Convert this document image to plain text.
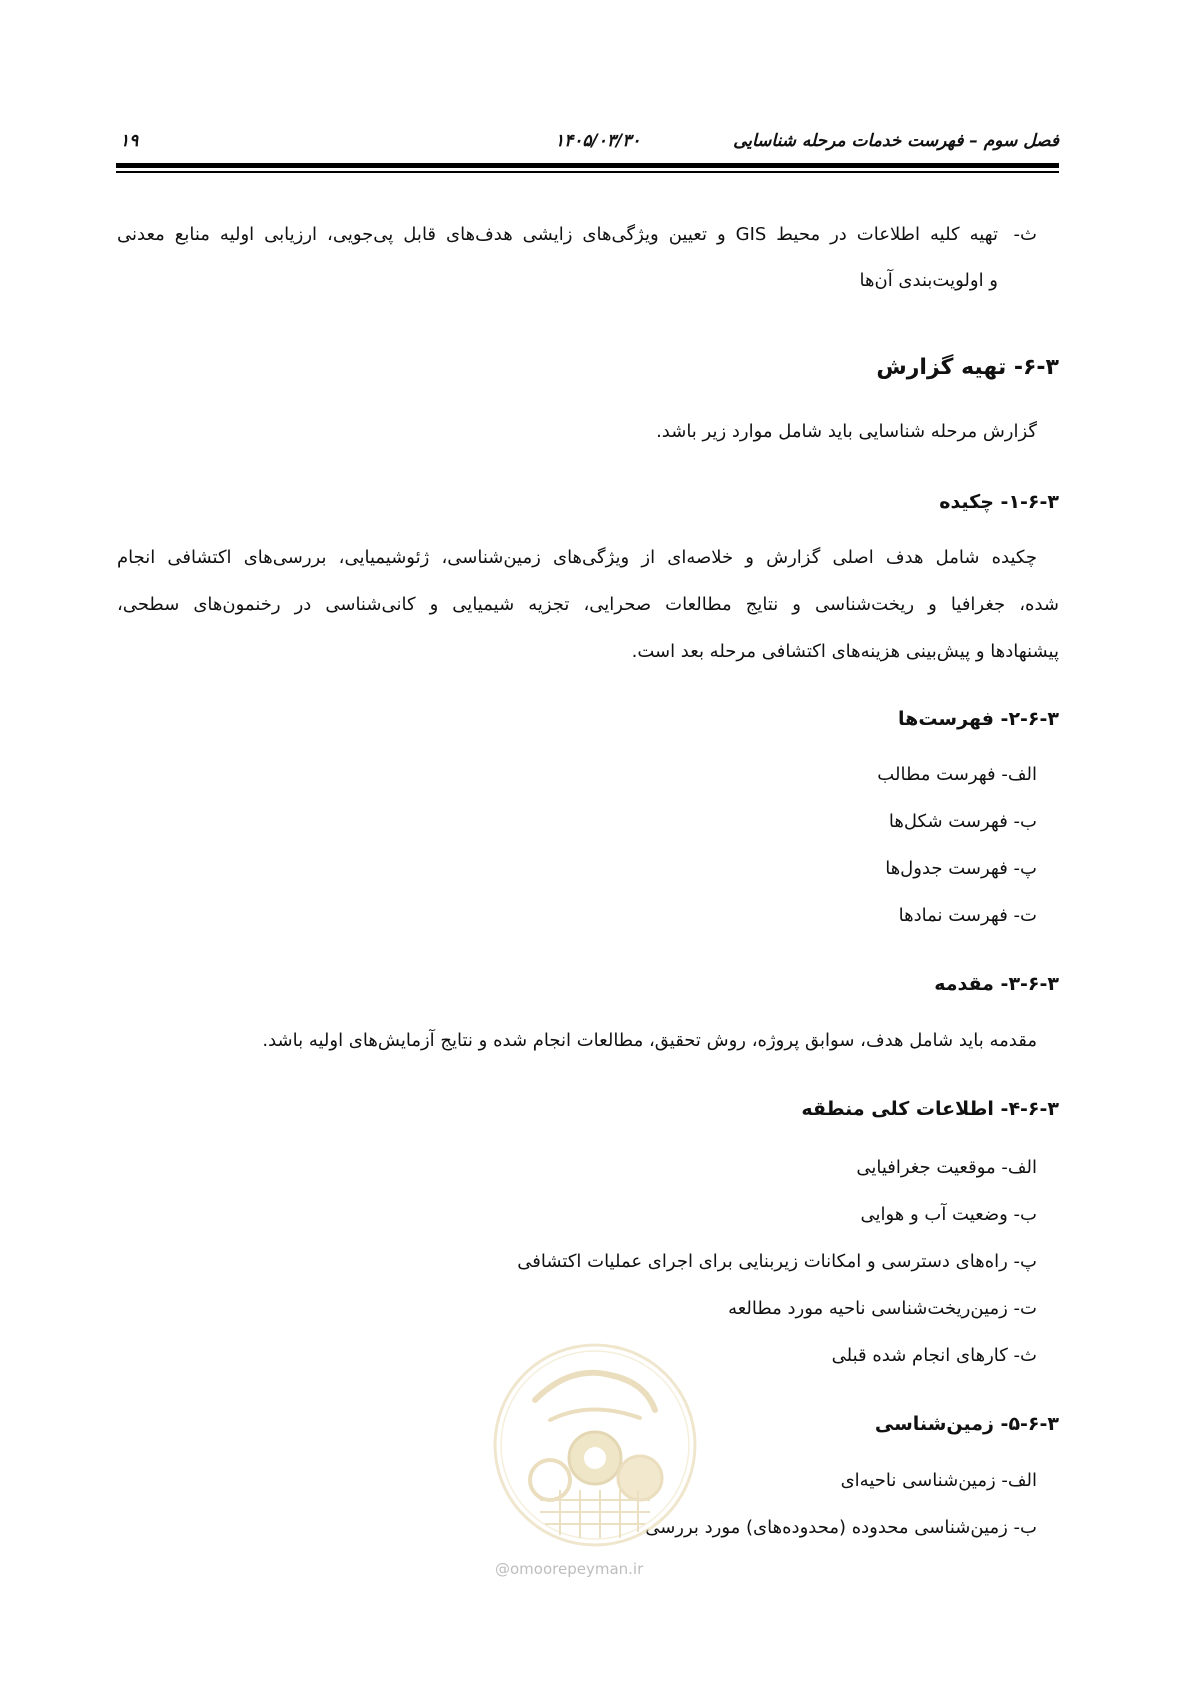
فصل سوم – فهرست خدمات مرحله شناسایی
۱۴۰۵/۰۳/۳۰
۱۹
ث-
تهیه کلیه اطلاعات در محیط GIS و تعیین ویژگی‌های زایشی هدف‌های قابل پی‌جویی، ارزیابی اولیه منابع معدنی
و اولویت‌بندی آن‌ها
۶-۳- تهیه گزارش
گزارش مرحله شناسایی باید شامل موارد زیر باشد.
۱-۶-۳- چکیده
چکیده شامل هدف اصلی گزارش و خلاصه‌ای از ویژگی‌های زمین‌شناسی، ژئوشیمیایی، بررسی‌های اکتشافی انجام
شده، جغرافیا و ریخت‌شناسی و نتایج مطالعات صحرایی، تجزیه شیمیایی و کانی‌شناسی در رخنمون‌های سطحی،
پیشنهادها و پیش‌بینی هزینه‌های اکتشافی مرحله بعد است.
۲-۶-۳- فهرست‌ها
الف- فهرست مطالب
ب- فهرست شکل‌ها
پ- فهرست جدول‌ها
ت- فهرست نمادها
۳-۶-۳- مقدمه
مقدمه باید شامل هدف، سوابق پروژه، روش تحقیق، مطالعات انجام شده و نتایج آزمایش‌های اولیه باشد.
۴-۶-۳- اطلاعات کلی منطقه
الف- موقعیت جغرافیایی
ب- وضعیت آب و هوایی
پ- راه‌های دسترسی و امکانات زیربنایی برای اجرای عملیات اکتشافی
ت- زمین‌ریخت‌شناسی ناحیه مورد مطالعه
ث- کارهای انجام شده قبلی
۵-۶-۳- زمین‌شناسی
الف- زمین‌شناسی ناحیه‌ای
ب- زمین‌شناسی محدوده (محدوده‌های) مورد بررسی
@omoorepeyman.ir
